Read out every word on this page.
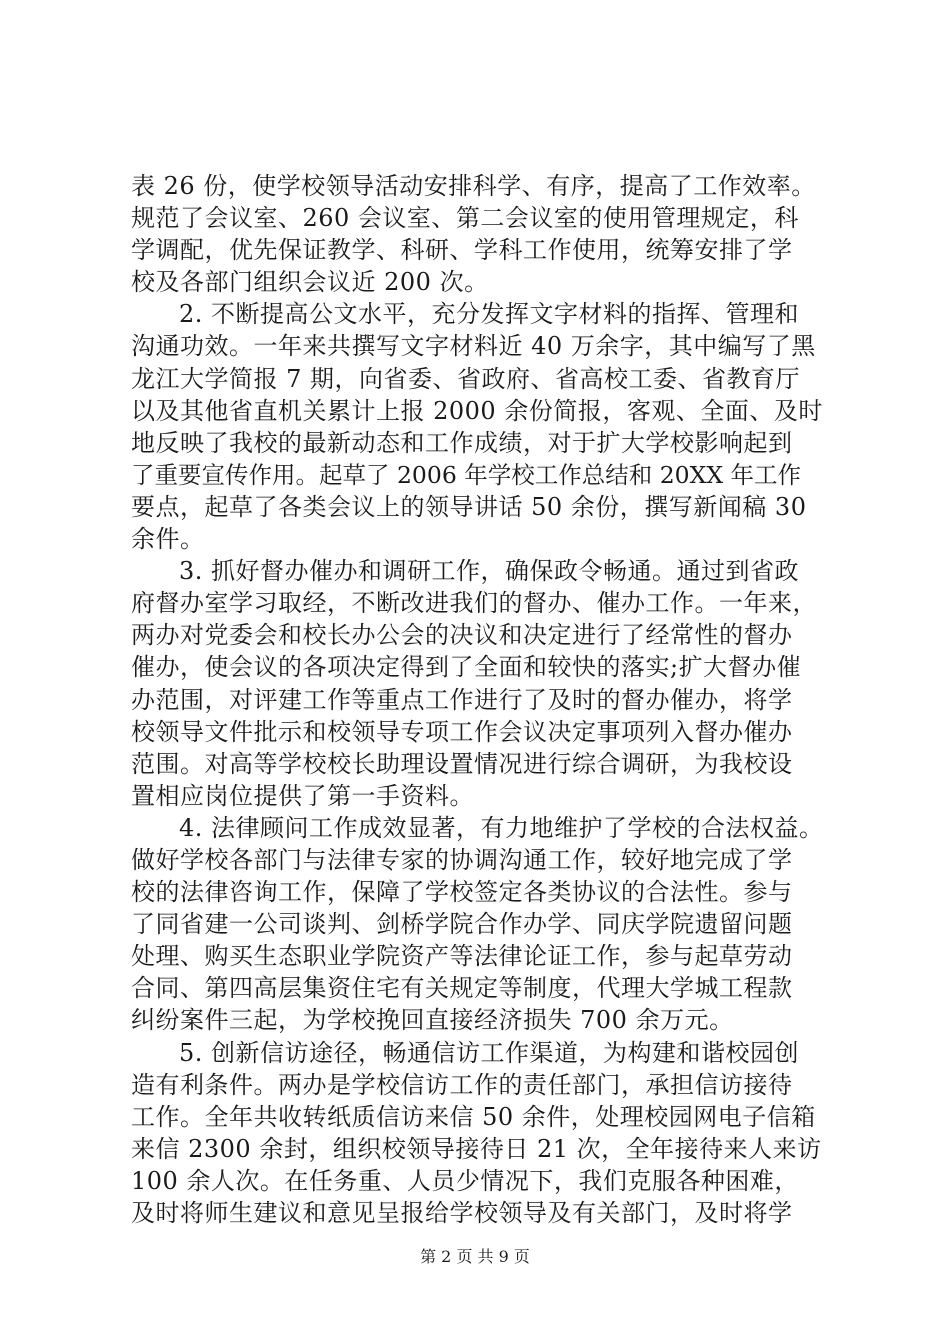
表 26 份，使学校领导活动安排科学、有序，提高了工作效率。
规范了会议室、260 会议室、第二会议室的使用管理规定，科
学调配，优先保证教学、科研、学科工作使用，统筹安排了学
校及各部门组织会议近 200 次。
2. 不断提高公文水平，充分发挥文字材料的指挥、管理和
沟通功效。一年来共撰写文字材料近 40 万余字，其中编写了黑
龙江大学简报 7 期，向省委、省政府、省高校工委、省教育厅
以及其他省直机关累计上报 2000 余份简报，客观、全面、及时
地反映了我校的最新动态和工作成绩，对于扩大学校影响起到
了重要宣传作用。起草了 2006 年学校工作总结和 20XX 年工作
要点，起草了各类会议上的领导讲话 50 余份，撰写新闻稿 30
余件。
3. 抓好督办催办和调研工作，确保政令畅通。通过到省政
府督办室学习取经，不断改进我们的督办、催办工作。一年来，
两办对党委会和校长办公会的决议和决定进行了经常性的督办
催办，使会议的各项决定得到了全面和较快的落实;扩大督办催
办范围，对评建工作等重点工作进行了及时的督办催办，将学
校领导文件批示和校领导专项工作会议决定事项列入督办催办
范围。对高等学校校长助理设置情况进行综合调研，为我校设
置相应岗位提供了第一手资料。
4. 法律顾问工作成效显著，有力地维护了学校的合法权益。
做好学校各部门与法律专家的协调沟通工作，较好地完成了学
校的法律咨询工作，保障了学校签定各类协议的合法性。参与
了同省建一公司谈判、剑桥学院合作办学、同庆学院遗留问题
处理、购买生态职业学院资产等法律论证工作，参与起草劳动
合同、第四高层集资住宅有关规定等制度，代理大学城工程款
纠纷案件三起，为学校挽回直接经济损失 700 余万元。
5. 创新信访途径，畅通信访工作渠道，为构建和谐校园创
造有利条件。两办是学校信访工作的责任部门，承担信访接待
工作。全年共收转纸质信访来信 50 余件，处理校园网电子信箱
来信 2300 余封，组织校领导接待日 21 次，全年接待来人来访
100 余人次。在任务重、人员少情况下，我们克服各种困难，
及时将师生建议和意见呈报给学校领导及有关部门，及时将学
第 2 页 共 9 页
